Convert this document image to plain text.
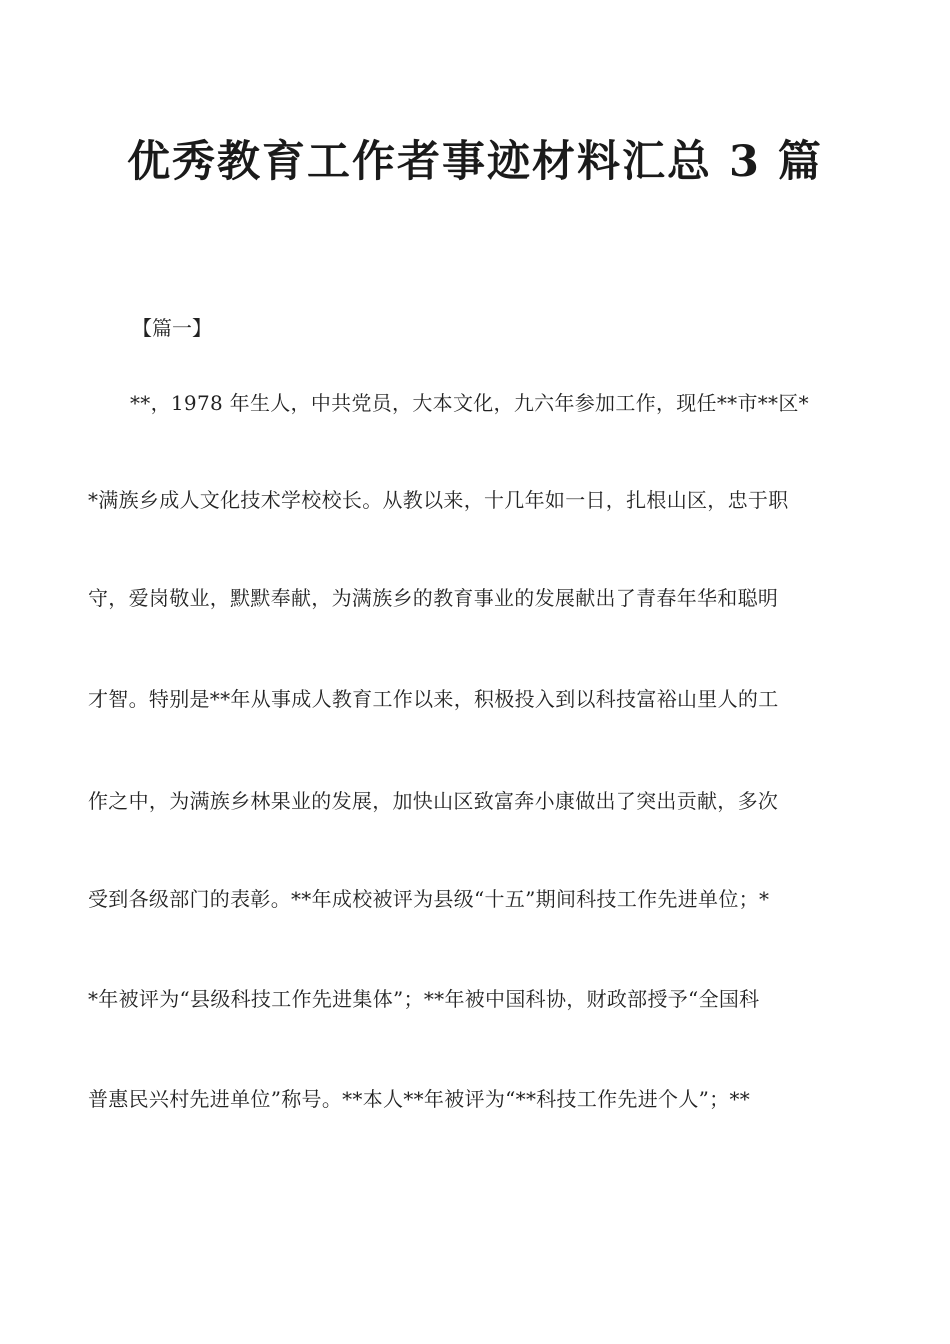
优秀教育工作者事迹材料汇总 3 篇
【篇一】
**，1978 年生人，中共党员，大本文化，九六年参加工作，现任**市**区*
*满族乡成人文化技术学校校长。从教以来，十几年如一日，扎根山区，忠于职
守，爱岗敬业，默默奉献，为满族乡的教育事业的发展献出了青春年华和聪明
才智。特别是**年从事成人教育工作以来，积极投入到以科技富裕山里人的工
作之中，为满族乡林果业的发展，加快山区致富奔小康做出了突出贡献，多次
受到各级部门的表彰。**年成校被评为县级“十五”期间科技工作先进单位；*
*年被评为“县级科技工作先进集体”；**年被中国科协，财政部授予“全国科
普惠民兴村先进单位”称号。**本人**年被评为“**科技工作先进个人”；**
